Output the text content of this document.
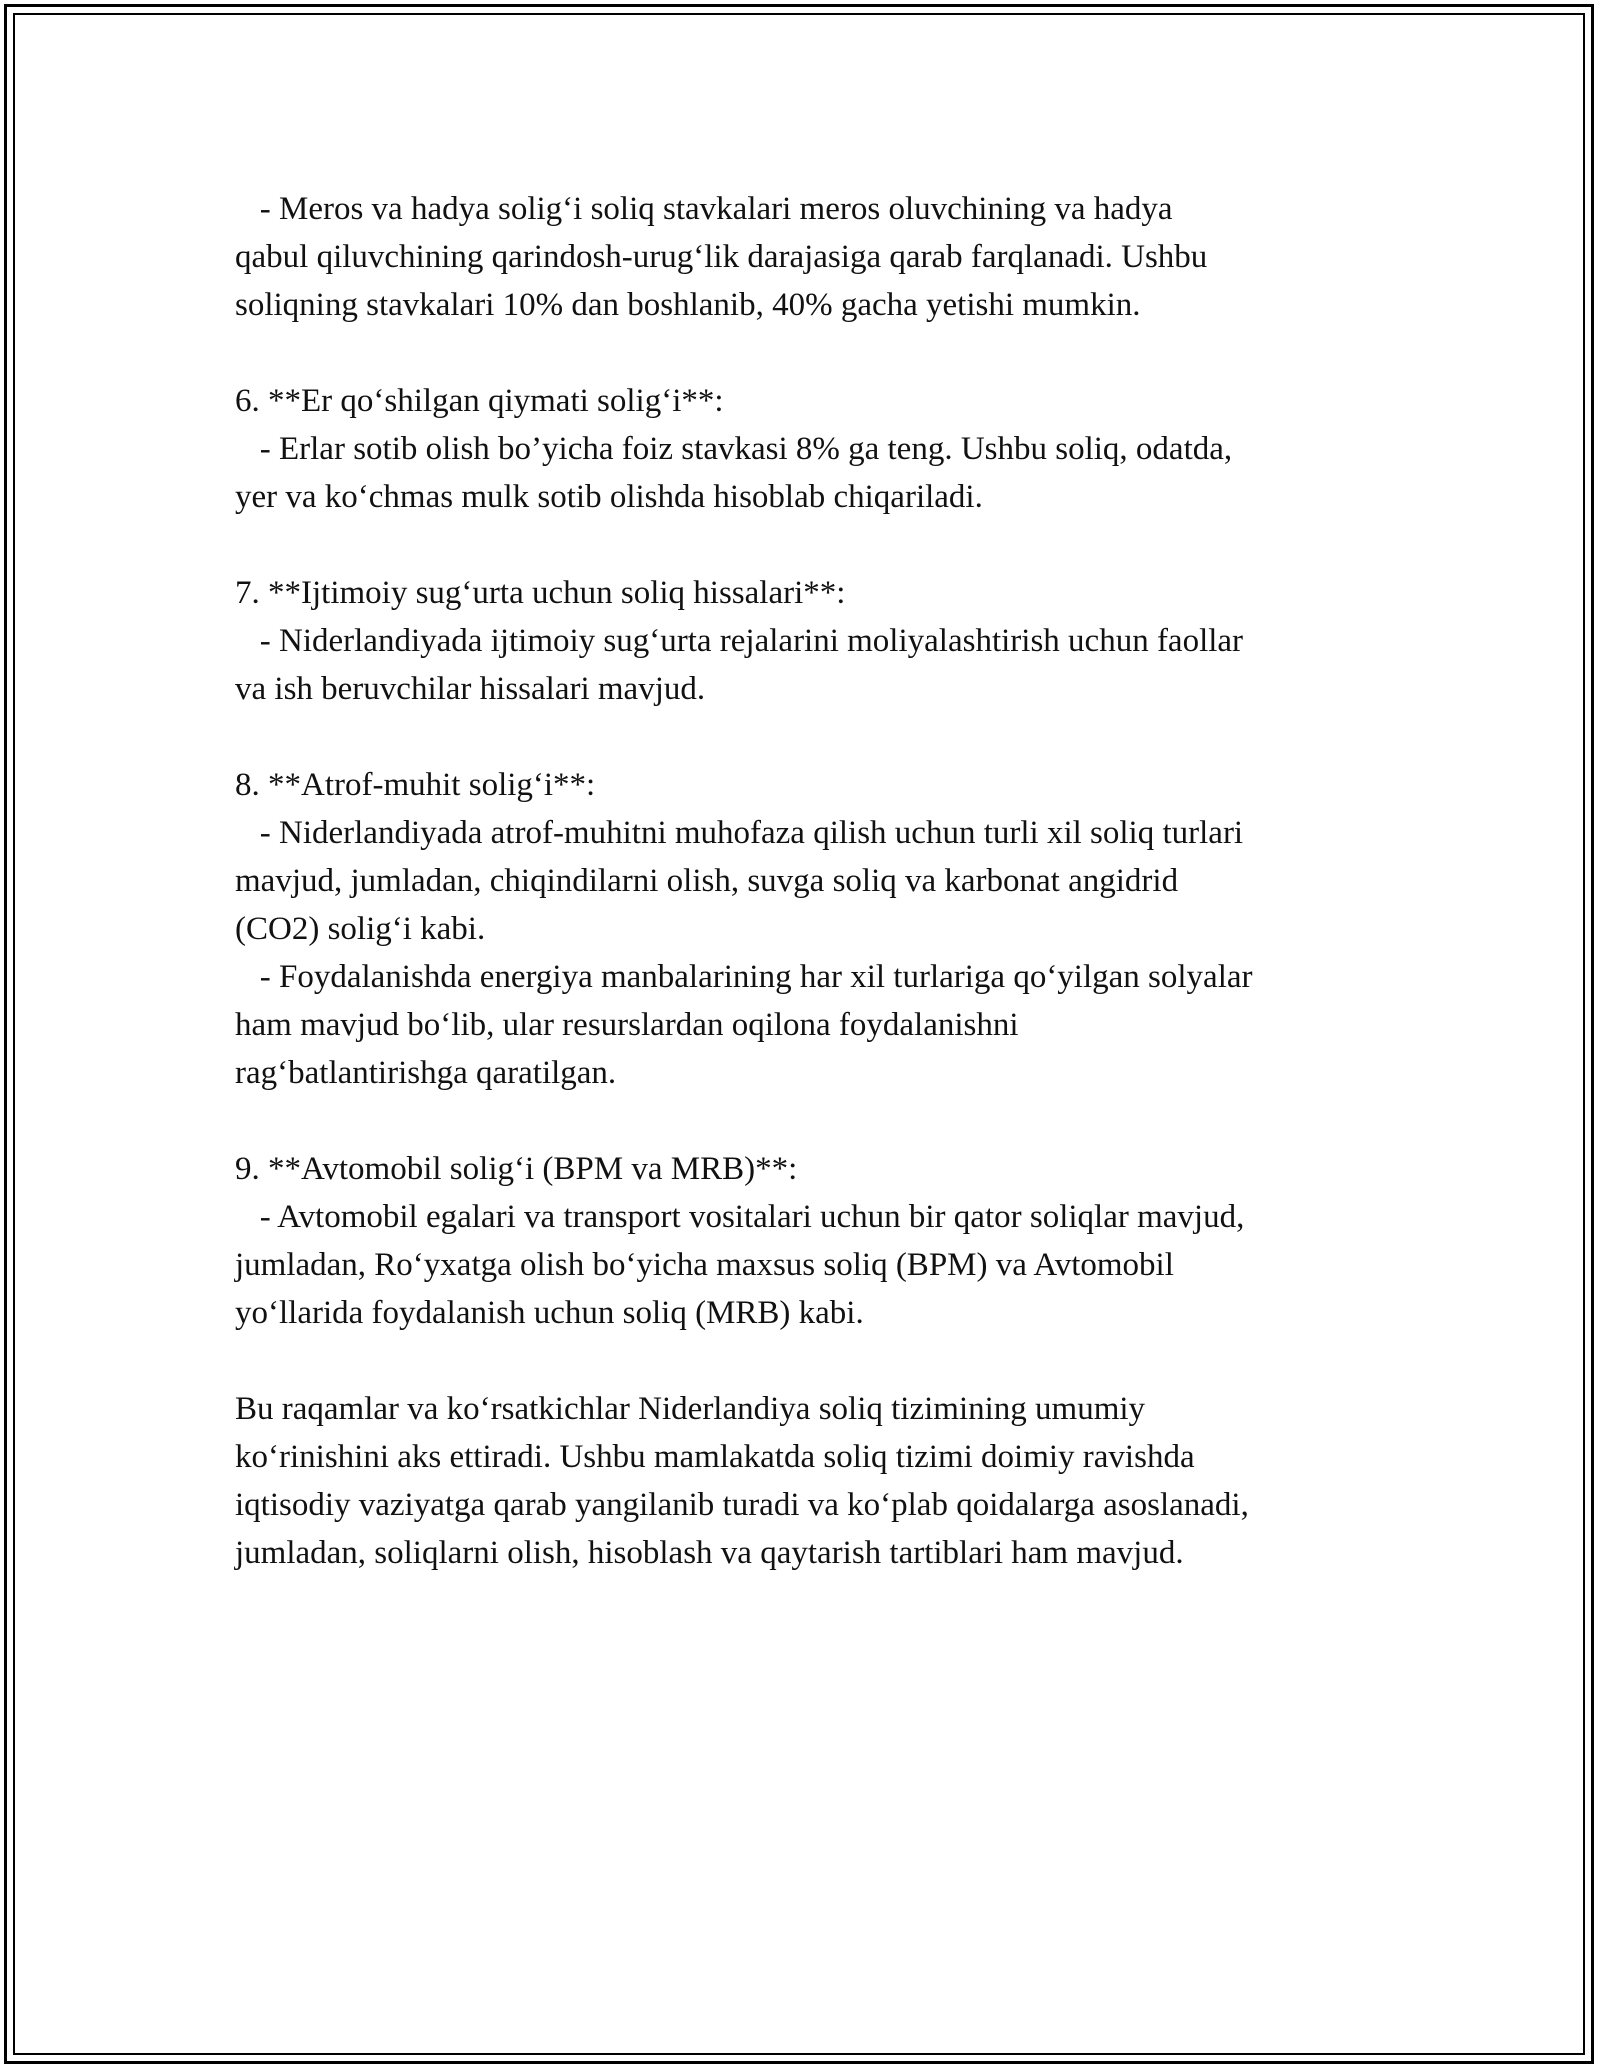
- Meros va hadya solig‘i soliq stavkalari meros oluvchining va hadya
qabul qiluvchining qarindosh-urug‘lik darajasiga qarab farqlanadi. Ushbu
soliqning stavkalari 10% dan boshlanib, 40% gacha yetishi mumkin.
6. **Er qo‘shilgan qiymati solig‘i**:
- Erlar sotib olish bo’yicha foiz stavkasi 8% ga teng. Ushbu soliq, odatda,
yer va ko‘chmas mulk sotib olishda hisoblab chiqariladi.
7. **Ijtimoiy sug‘urta uchun soliq hissalari**:
- Niderlandiyada ijtimoiy sug‘urta rejalarini moliyalashtirish uchun faollar
va ish beruvchilar hissalari mavjud.
8. **Atrof-muhit solig‘i**:
- Niderlandiyada atrof-muhitni muhofaza qilish uchun turli xil soliq turlari
mavjud, jumladan, chiqindilarni olish, suvga soliq va karbonat angidrid
(CO2) solig‘i kabi.
- Foydalanishda energiya manbalarining har xil turlariga qo‘yilgan solyalar
ham mavjud bo‘lib, ular resurslardan oqilona foydalanishni
rag‘batlantirishga qaratilgan.
9. **Avtomobil solig‘i (BPM va MRB)**:
- Avtomobil egalari va transport vositalari uchun bir qator soliqlar mavjud,
jumladan, Ro‘yxatga olish bo‘yicha maxsus soliq (BPM) va Avtomobil
yo‘llarida foydalanish uchun soliq (MRB) kabi.
Bu raqamlar va ko‘rsatkichlar Niderlandiya soliq tizimining umumiy
ko‘rinishini aks ettiradi. Ushbu mamlakatda soliq tizimi doimiy ravishda
iqtisodiy vaziyatga qarab yangilanib turadi va ko‘plab qoidalarga asoslanadi,
jumladan, soliqlarni olish, hisoblash va qaytarish tartiblari ham mavjud.
